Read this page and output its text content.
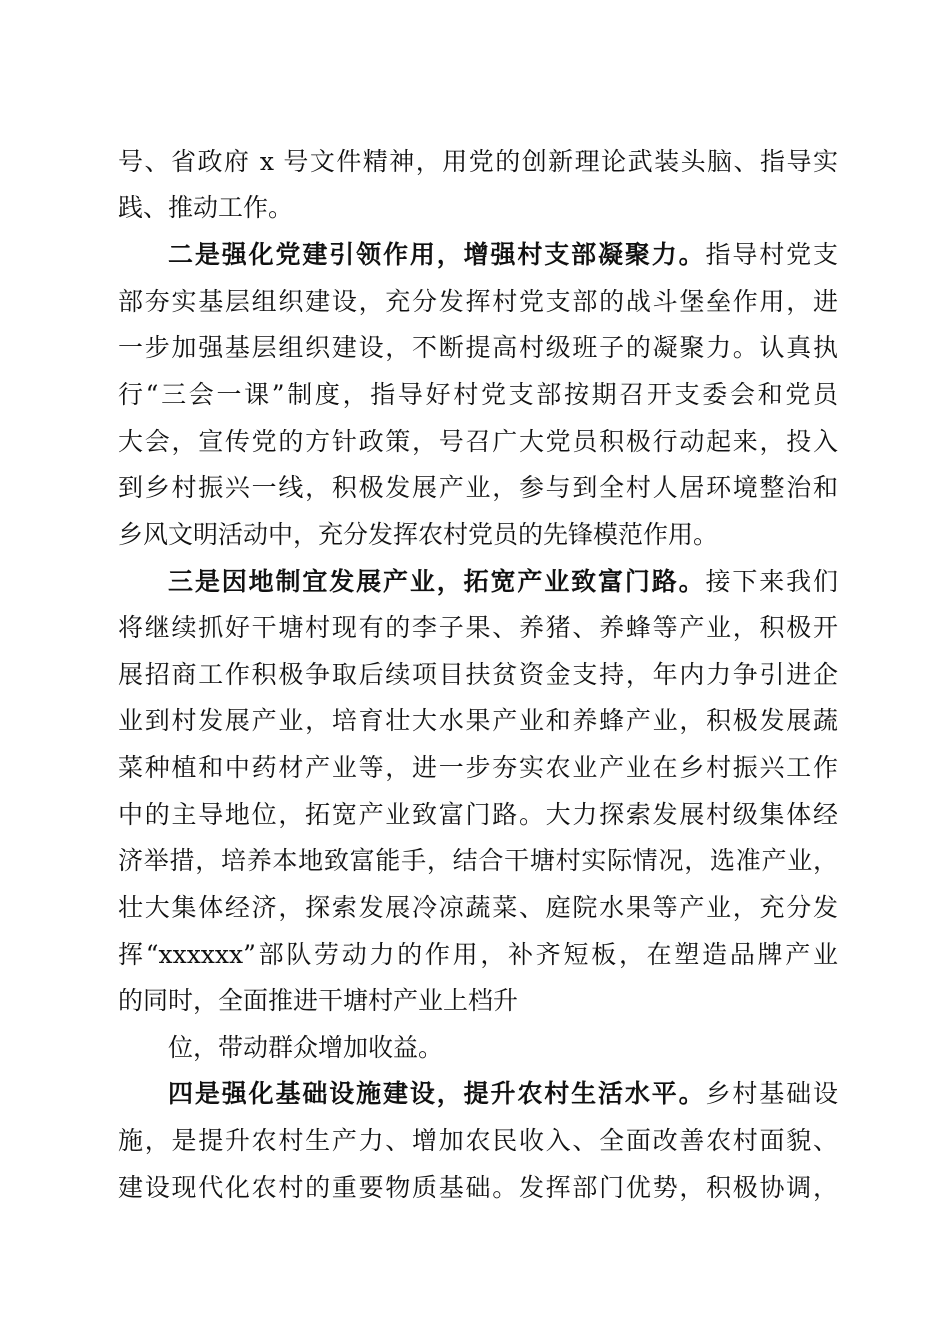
号、省政府 x 号文件精神，用党的创新理论武装头脑、指导实
践、推动工作。
二是强化党建引领作用，增强村支部凝聚力。指导村党支
部夯实基层组织建设，充分发挥村党支部的战斗堡垒作用，进
一步加强基层组织建设，不断提高村级班子的凝聚力。认真执
行“三会一课”制度，指导好村党支部按期召开支委会和党员
大会，宣传党的方针政策，号召广大党员积极行动起来，投入
到乡村振兴一线，积极发展产业，参与到全村人居环境整治和
乡风文明活动中，充分发挥农村党员的先锋模范作用。
三是因地制宜发展产业，拓宽产业致富门路。接下来我们
将继续抓好干塘村现有的李子果、养猪、养蜂等产业，积极开
展招商工作积极争取后续项目扶贫资金支持，年内力争引进企
业到村发展产业，培育壮大水果产业和养蜂产业，积极发展蔬
菜种植和中药材产业等，进一步夯实农业产业在乡村振兴工作
中的主导地位，拓宽产业致富门路。大力探索发展村级集体经
济举措，培养本地致富能手，结合干塘村实际情况，选准产业，
壮大集体经济，探索发展冷凉蔬菜、庭院水果等产业，充分发
挥“xxxxxx”部队劳动力的作用，补齐短板，在塑造品牌产业
的同时，全面推进干塘村产业上档升
位，带动群众增加收益。
四是强化基础设施建设，提升农村生活水平。乡村基础设
施，是提升农村生产力、增加农民收入、全面改善农村面貌、
建设现代化农村的重要物质基础。发挥部门优势，积极协调，
